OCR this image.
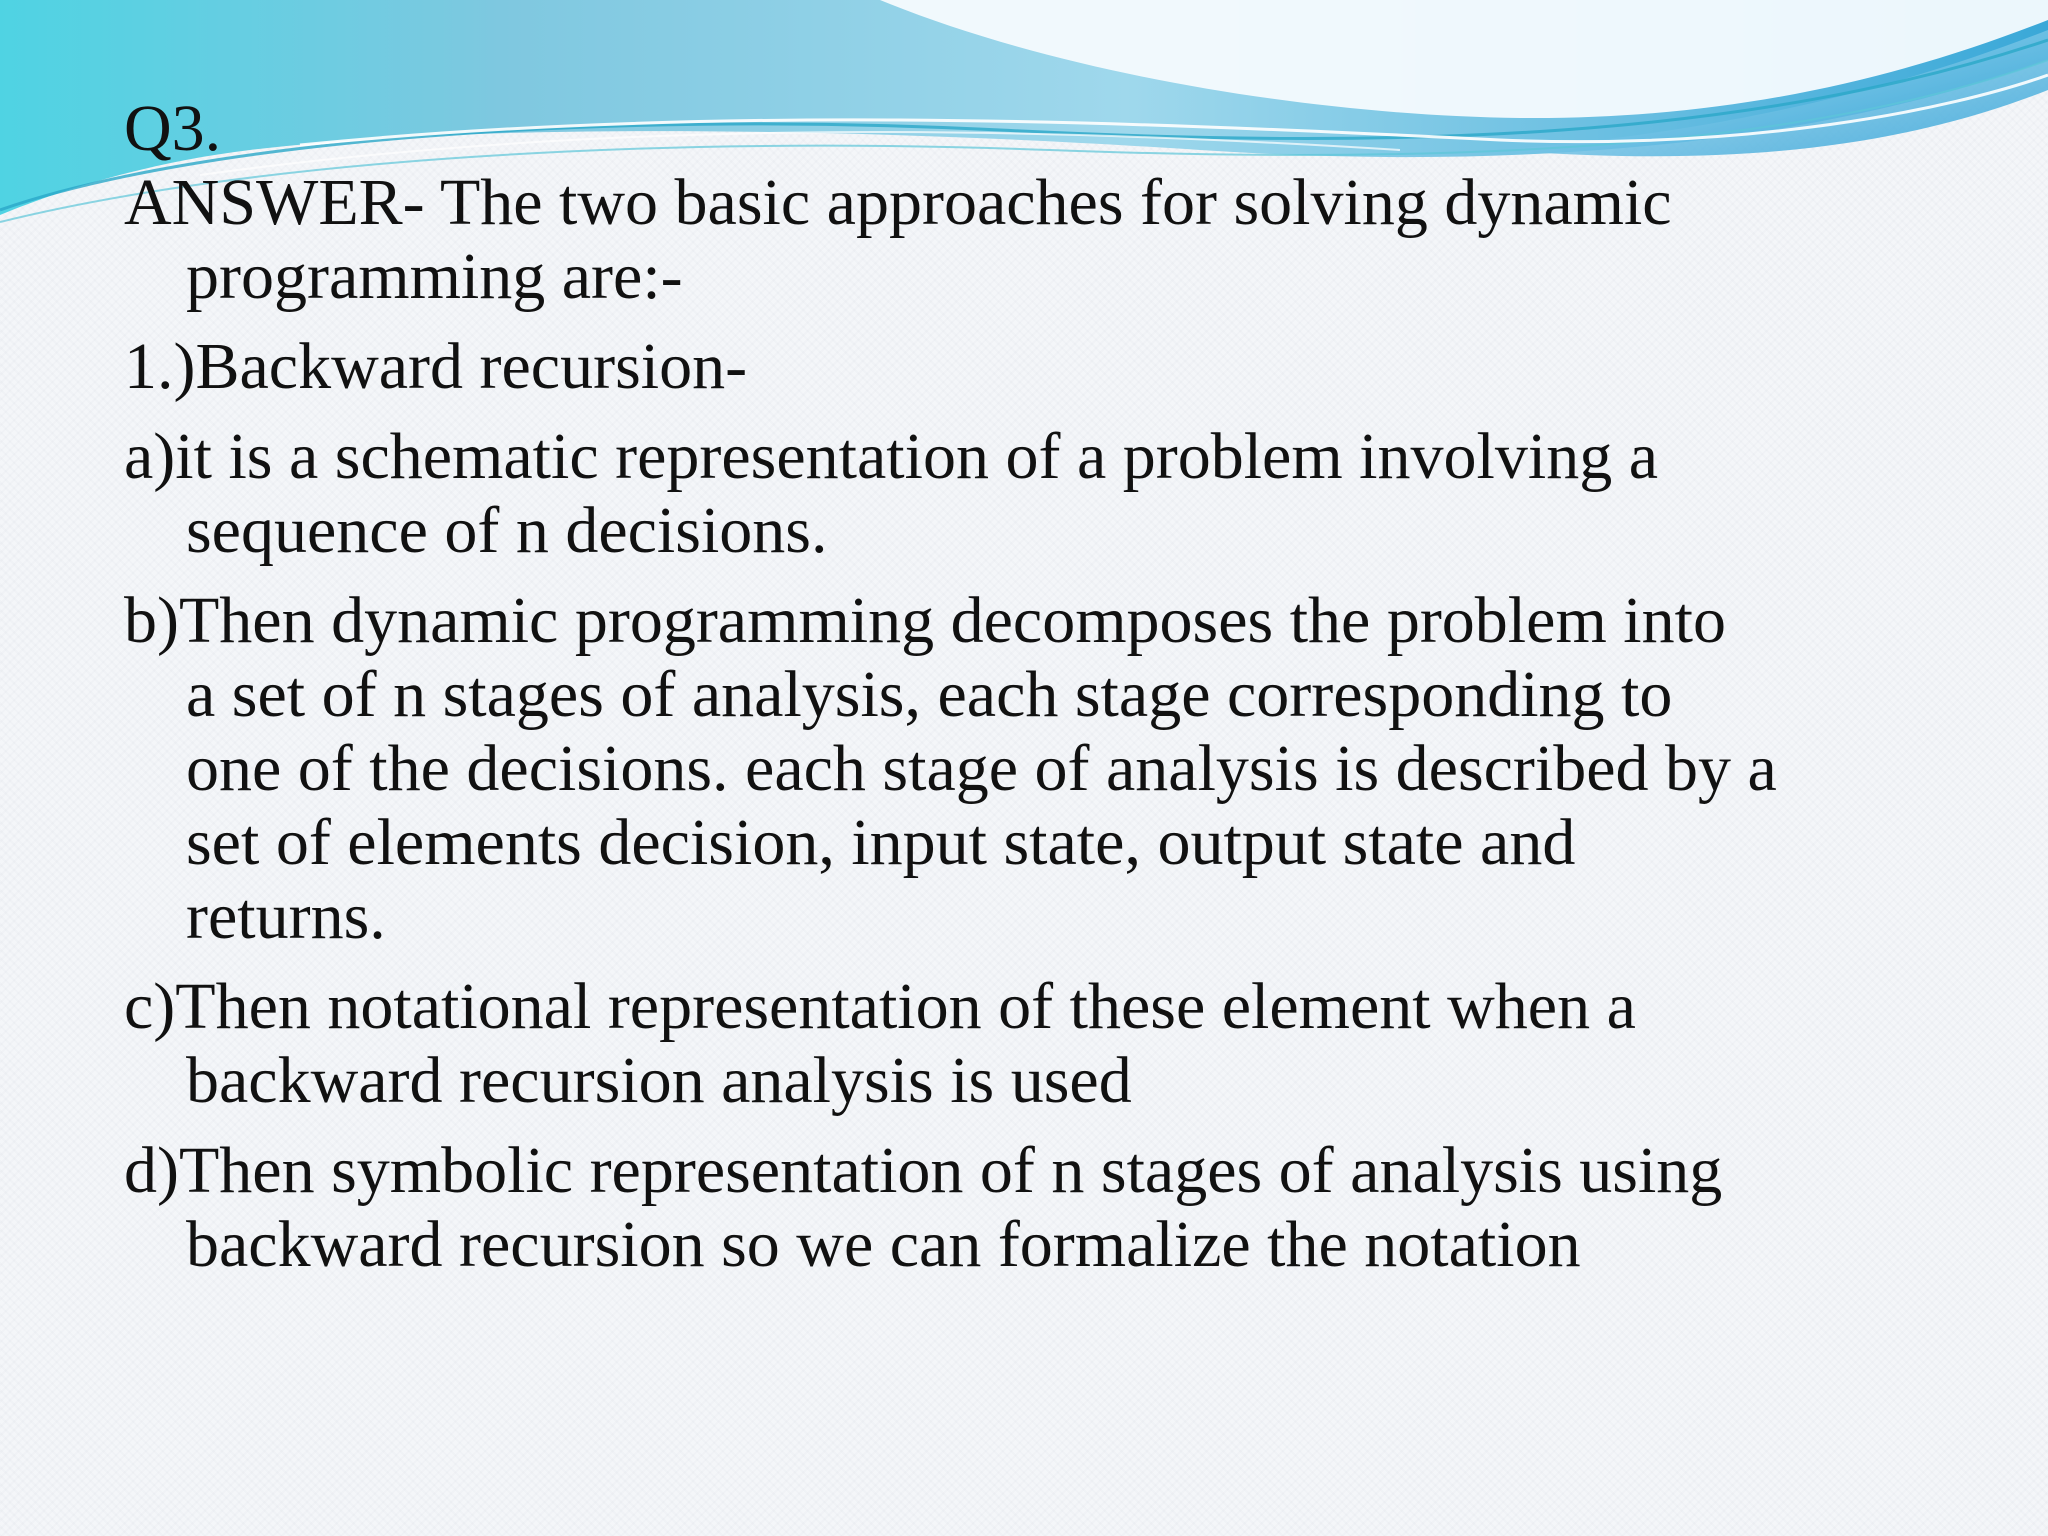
Q3.

ANSWER- The two basic approaches for solving dynamic

programming are:-

1.)Backward recursion-

a)it is a schematic representation of a problem involving a

sequence of n decisions.

b)Then dynamic programming decomposes the problem into

a set of n stages of analysis, each stage corresponding to

one of the decisions. each stage of analysis is described by a

set of elements decision, input state, output state and

returns.

c)Then notational representation of these element when a

backward recursion analysis is used

d)Then symbolic representation of n stages of analysis using

backward recursion so we can formalize the notation
